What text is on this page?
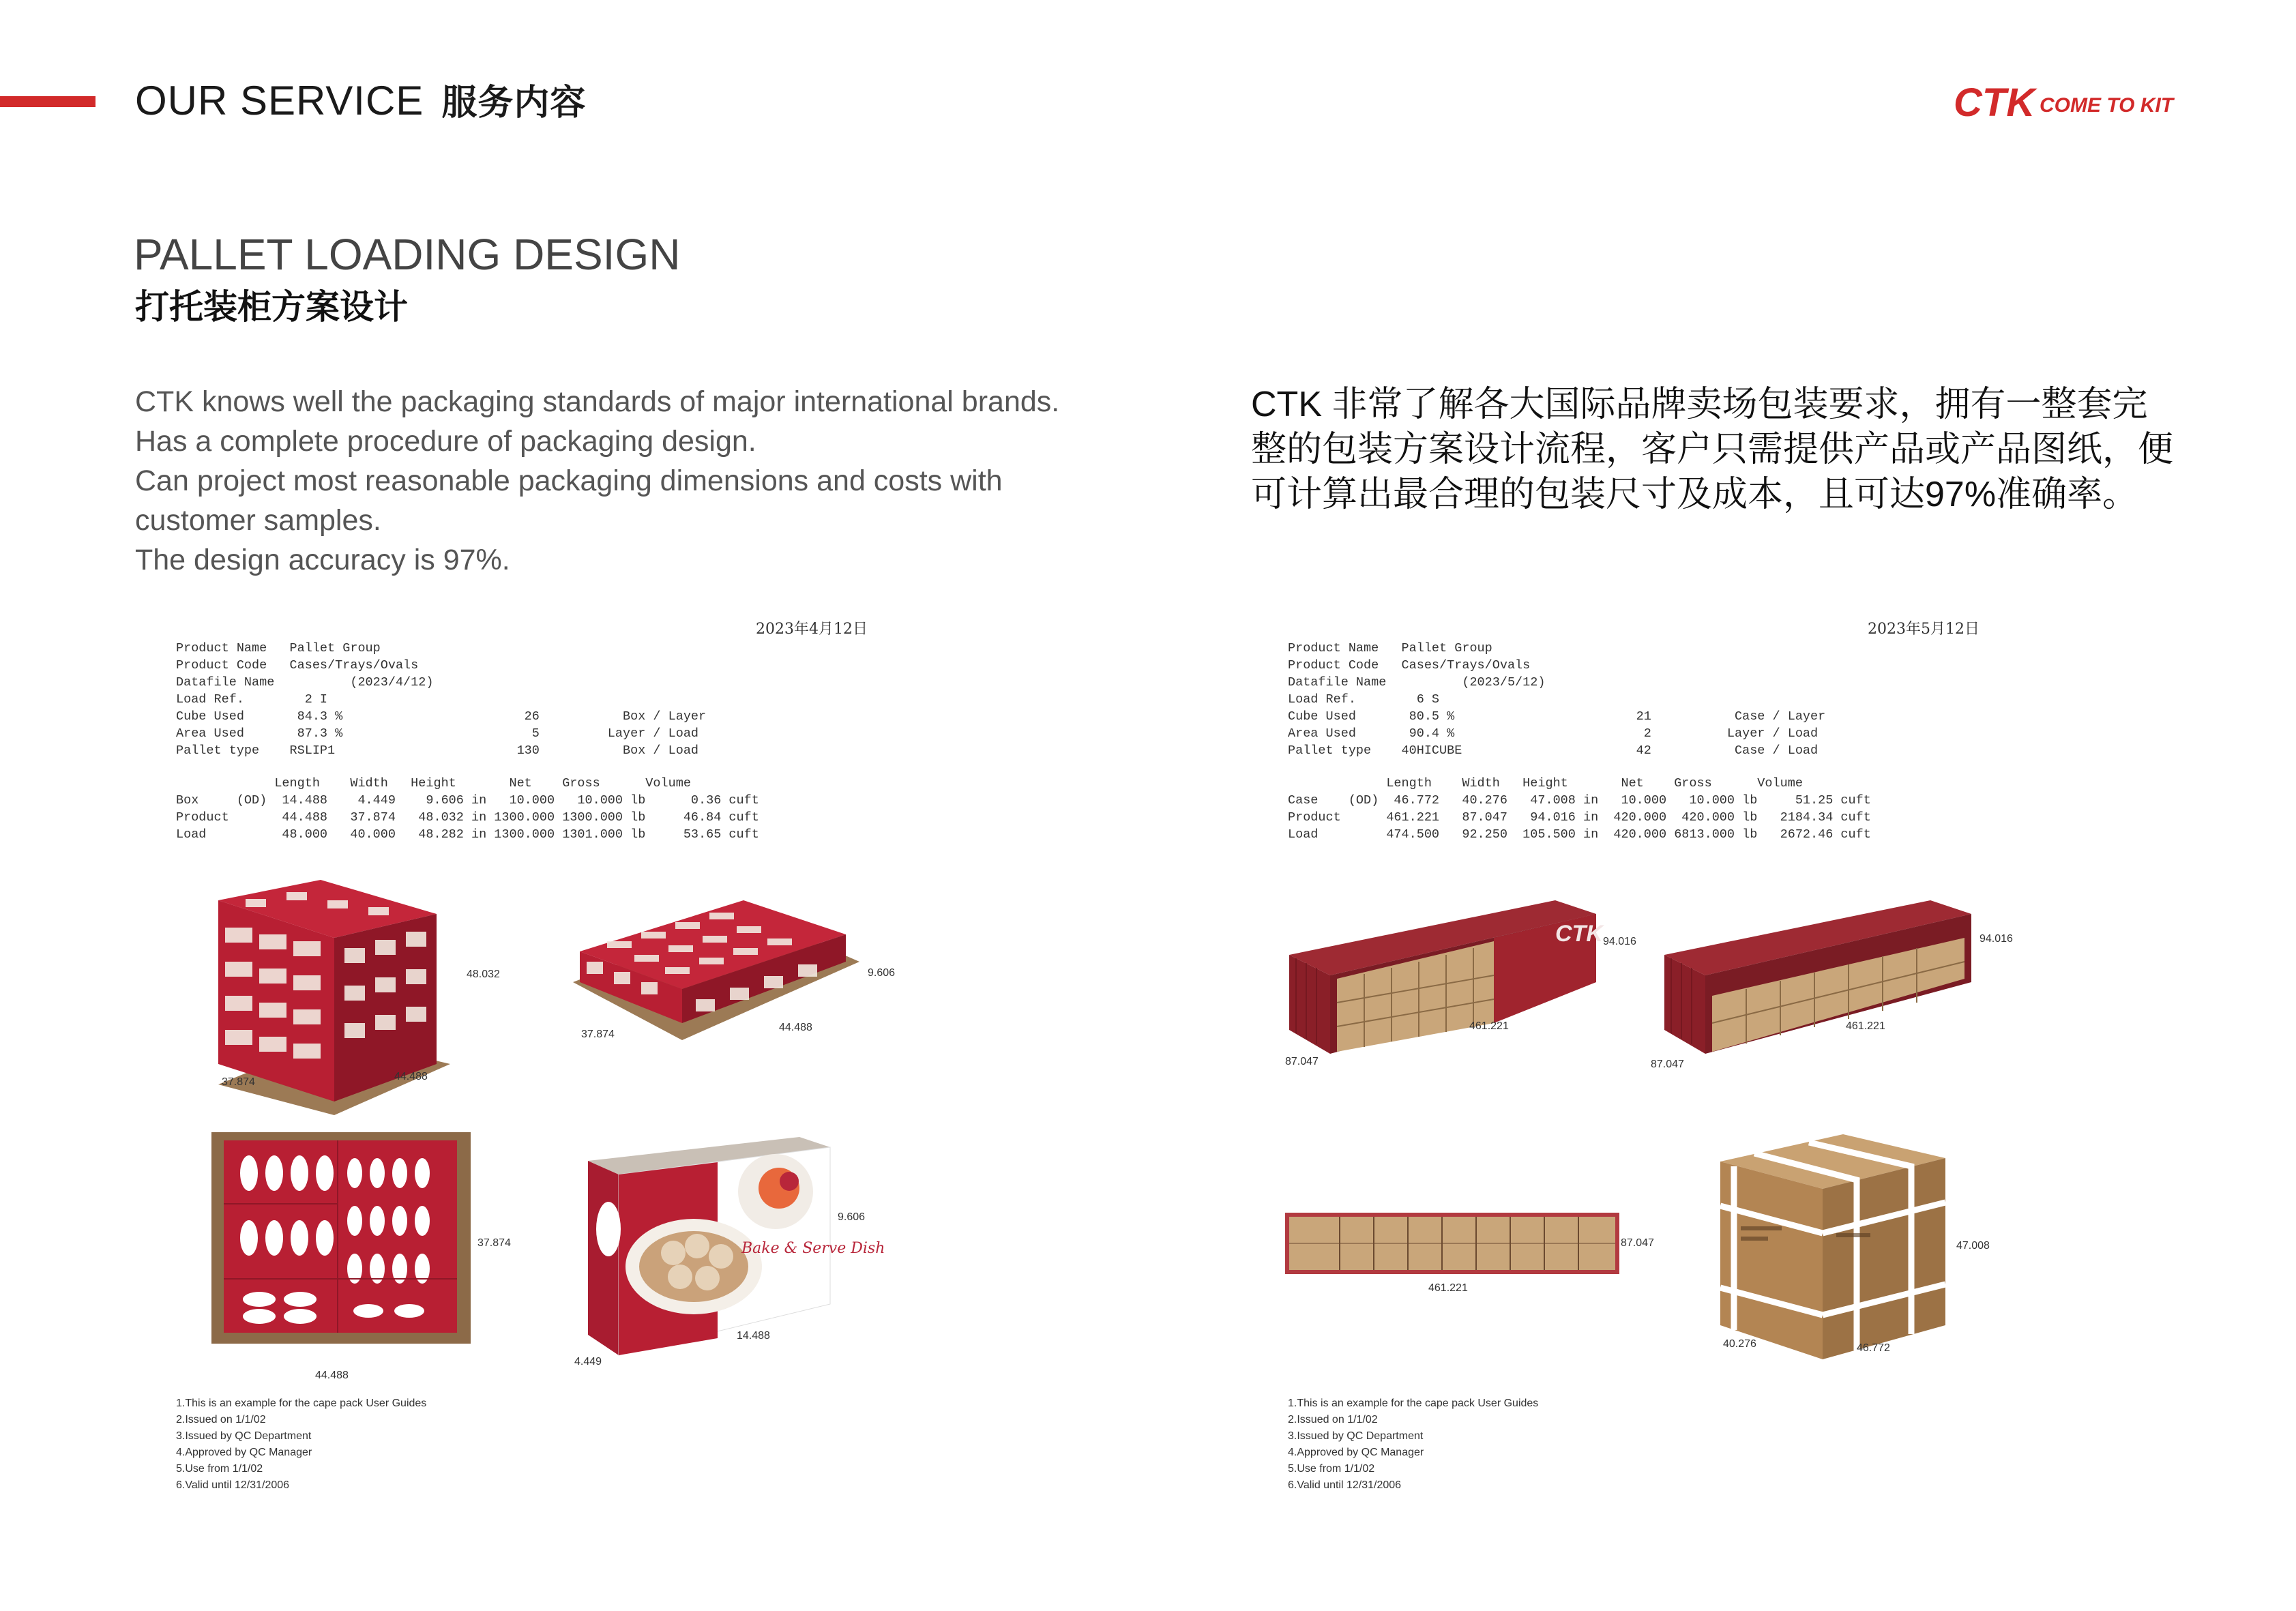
OUR SERVICE 服务内容	CTK COME TO KIT
PALLET LOADING DESIGN
打托装柜方案设计
CTK knows well the packaging standards of major international brands.
Has a complete procedure of packaging design.
Can project most reasonable packaging dimensions and costs with
customer samples.
The design accuracy is 97%.
CTK 非常了解各大国际品牌卖场包装要求，拥有一整套完
整的包装方案设计流程，客户只需提供产品或产品图纸，便
可计算出最合理的包装尺寸及成本，且可达97%准确率。
2023年4月12日
Product Name   Pallet Group
Product Code   Cases/Trays/Ovals
Datafile Name          (2023/4/12)
Load Ref.        2 I
Cube Used       84.3 %                        26           Box / Layer
Area Used       87.3 %                         5         Layer / Load
Pallet type    RSLIP1                        130           Box / Load
Length    Width   Height       Net    Gross      Volume
Box     (OD)  14.488    4.449    9.606 in   10.000   10.000 lb      0.36 cuft
Product       44.488   37.874   48.032 in 1300.000 1300.000 lb     46.84 cuft
Load          48.000   40.000   48.282 in 1300.000 1301.000 lb     53.65 cuft
48.032
37.874	44.488
9.606
37.874
44.488
37.874
44.488
Bake & Serve Dish
9.606
14.488
4.449
1.This is an example for the cape pack User Guides
2.Issued on 1/1/02
3.Issued by QC Department
4.Approved by QC Manager
5.Use from 1/1/02
6.Valid until 12/31/2006
2023年5月12日
Product Name   Pallet Group
Product Code   Cases/Trays/Ovals
Datafile Name          (2023/5/12)
Load Ref.        6 S
Cube Used       80.5 %                        21           Case / Layer
Area Used       90.4 %                         2          Layer / Load
Pallet type    40HICUBE                       42           Case / Load
Length    Width   Height       Net    Gross      Volume
Case    (OD)  46.772   40.276   47.008 in   10.000   10.000 lb     51.25 cuft
Product      461.221   87.047   94.016 in  420.000  420.000 lb   2184.34 cuft
Load         474.500   92.250  105.500 in  420.000 6813.000 lb   2672.46 cuft
CTK 94.016
461.221
87.047
94.016
461.221
87.047
87.047
461.221
47.008
40.276	46.772
1.This is an example for the cape pack User Guides
2.Issued on 1/1/02
3.Issued by QC Department
4.Approved by QC Manager
5.Use from 1/1/02
6.Valid until 12/31/2006
